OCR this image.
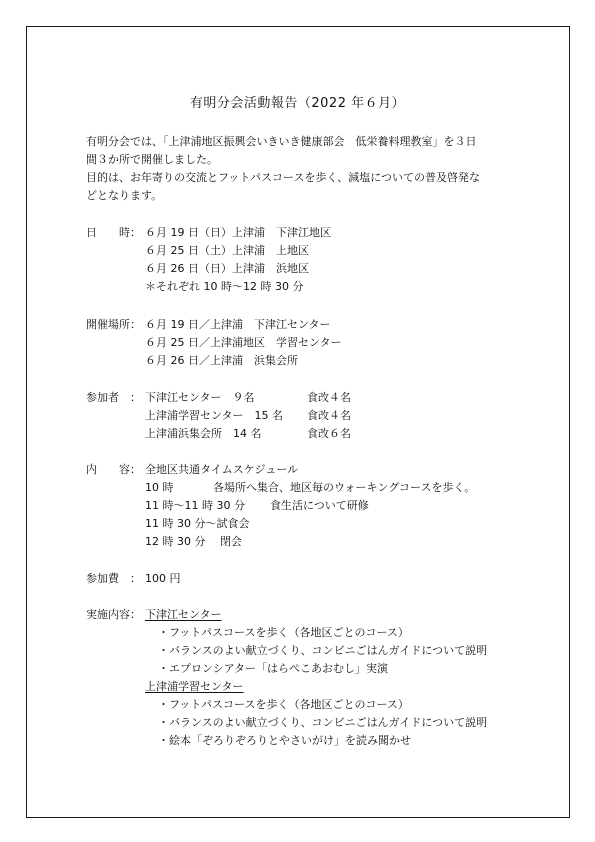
有明分会活動報告（2022 年６月）
有明分会では、「上津浦地区振興会いきいき健康部会　低栄養料理教室」を３日
間３か所で開催しました。
目的は、お年寄りの交流とフットパスコースを歩く、減塩についての普及啓発な
どとなります。
日　　時： ６月 19 日（日）上津浦　下津江地区
６月 25 日（土）上津浦　上地区
６月 26 日（日）上津浦　浜地区
＊それぞれ 10 時～12 時 30 分
開催場所： ６月 19 日／上津浦　下津江センター
６月 25 日／上津浦地区　学習センター
６月 26 日／上津浦　浜集会所
参加者　： 下津江センター　９名	食改４名
上津浦学習センター　15 名 食改４名
上津浦浜集会所　14 名	食改６名
内　　容： 全地区共通タイムスケジュール
10 時	各場所へ集合、地区毎のウォーキングコースを歩く。
11 時～11 時 30 分 食生活について研修
11 時 30 分～試食会
12 時 30 分 閉会
参加費　： 100 円
実施内容： 下津江センター
・フットパスコースを歩く（各地区ごとのコース）
・バランスのよい献立づくり、コンビニごはんガイドについて説明
・エプロンシアター「はらぺこあおむし」実演
上津浦学習センター
・フットパスコースを歩く（各地区ごとのコース）
・バランスのよい献立づくり、コンビニごはんガイドについて説明
・絵本「ぞろりぞろりとやさいがけ」を読み聞かせ
